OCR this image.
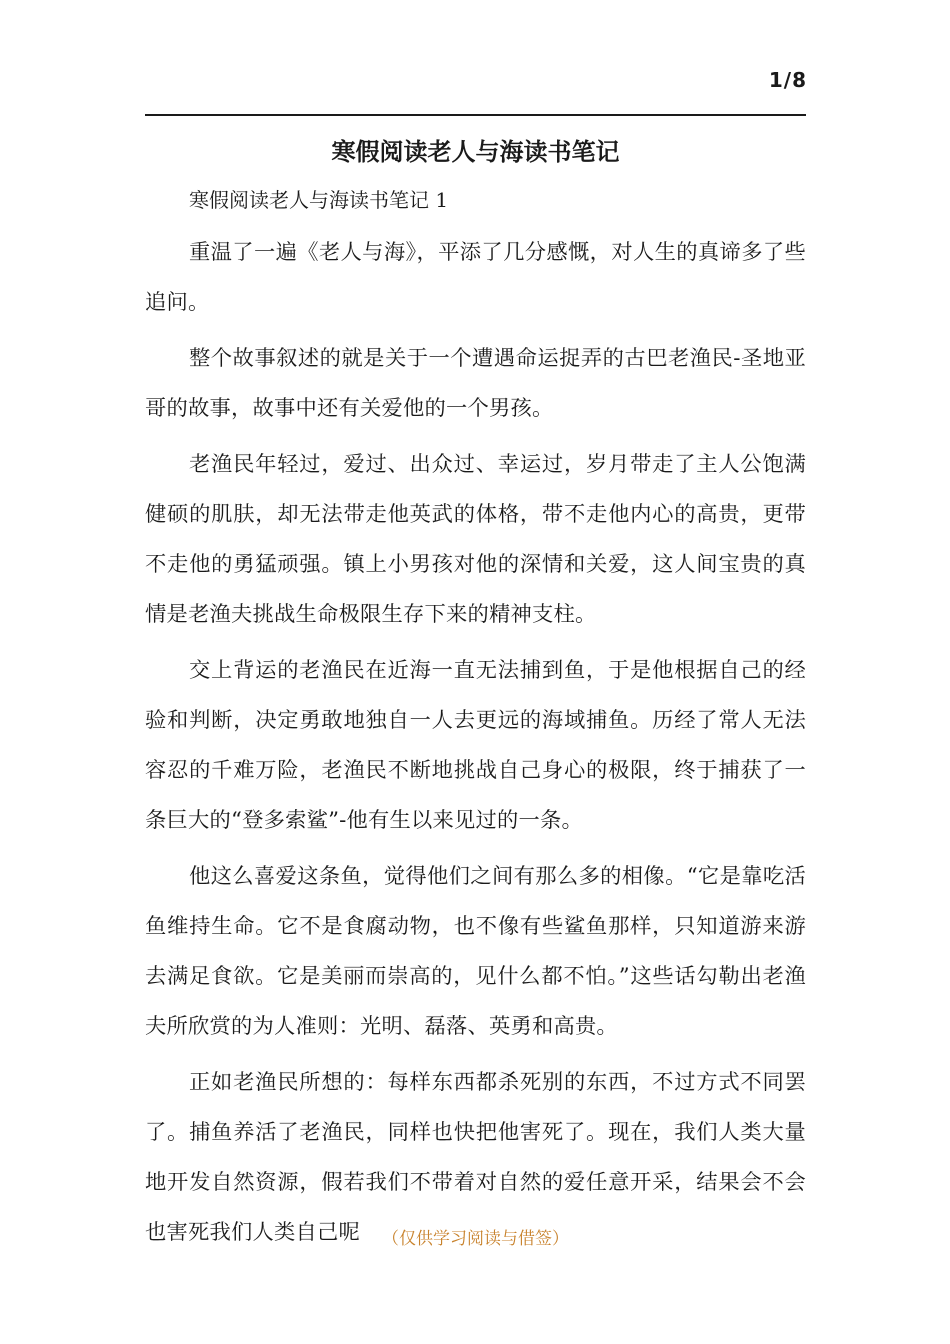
1/8
寒假阅读老人与海读书笔记

寒假阅读老人与海读书笔记 1

重温了一遍《老人与海》，平添了几分感慨，对人生的真谛多了些追问。

整个故事叙述的就是关于一个遭遇命运捉弄的古巴老渔民-圣地亚哥的故事，故事中还有关爱他的一个男孩。

老渔民年轻过，爱过、出众过、幸运过，岁月带走了主人公饱满健硕的肌肤，却无法带走他英武的体格，带不走他内心的高贵，更带不走他的勇猛顽强。镇上小男孩对他的深情和关爱，这人间宝贵的真情是老渔夫挑战生命极限生存下来的精神支柱。

交上背运的老渔民在近海一直无法捕到鱼，于是他根据自己的经验和判断，决定勇敢地独自一人去更远的海域捕鱼。历经了常人无法容忍的千难万险，老渔民不断地挑战自己身心的极限，终于捕获了一条巨大的“登多索鲨”-他有生以来见过的一条。

他这么喜爱这条鱼，觉得他们之间有那么多的相像。“它是靠吃活鱼维持生命。它不是食腐动物，也不像有些鲨鱼那样，只知道游来游去满足食欲。它是美丽而崇高的，见什么都不怕。”这些话勾勒出老渔夫所欣赏的为人准则：光明、磊落、英勇和高贵。

正如老渔民所想的：每样东西都杀死别的东西，不过方式不同罢了。捕鱼养活了老渔民，同样也快把他害死了。现在，我们人类大量地开发自然资源，假若我们不带着对自然的爱任意开采，结果会不会也害死我们人类自己呢	（仅供学习阅读与借签）
